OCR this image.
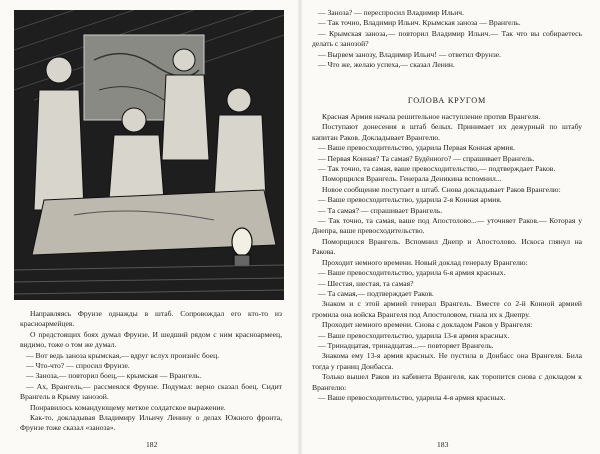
Направляясь Фрунзе однажды в штаб. Сопровождал его кто-то из красноармейцев.

О предстоящих боях думал Фрунзе. И шедший рядом с ним красноармеец, видимо, тоже о том же думал.

— Вот ведь заноза крымская,— вдруг вслух произнёс боец.

— Что-что? — спросил Фрунзе.

— Заноза,— повторил боец,— крымская — Врангель.

— Ах, Врангель,— рассмеялся Фрунзе. Подумал: верно сказал боец. Сидит Врангель в Крыму занозой.

Понравилось командующему меткое солдатское выражение.

Как-то, докладывая Владимиру Ильичу Ленину о делах Южного фронта, Фрунзе тоже сказал «заноза».

182

— Заноза? — переспросил Владимир Ильич.

— Так точно, Владимир Ильич. Крымская заноза — Врангель.

— Крымская заноза,— повторил Владимир Ильич.— Так что вы собираетесь делать с занозой?

— Вырвем занозу, Владимир Ильич! — ответил Фрунзе.

— Что же, желаю успеха,— сказал Ленин.

ГОЛОВА КРУГОМ

Красная Армия начала решительное наступление против Врангеля.

Поступают донесения в штаб белых. Принимает их дежурный по штабу капитан Раков. Докладывает Врангелю.

— Ваше превосходительство, ударила Первая Конная армия.

— Первая Конная? Та самая? Будённого? — спрашивает Врангель.

— Так точно, та самая, ваше превосходительство,— подтверждает Раков.

Поморщился Врангель. Генерала Деникина вспомнил...

Новое сообщение поступает в штаб. Снова докладывает Раков Врангелю:

— Ваше превосходительство, ударила 2-я Конная армия.

— Та самая? — спрашивает Врангель.

— Так точно, та самая, ваше под Апостолово...— уточняет Раков.— Которая у Днепра, ваше превосходительство.

Поморщился Врангель. Вспомнил Днепр и Апостолово. Искоса глянул на Ракова.

Проходит немного времени. Новый доклад генералу Врангелю:

— Ваше превосходительство, ударила 6-я армия красных.

— Шестая, шестая, та самая?

— Та самая,— подтверждает Раков.

Знаком и с этой армией генерал Врангель. Вместе со 2-й Конной армией громила она войска Врангеля под Апостоловом, гнала их к Днепру.

Проходит немного времени. Снова с докладом Раков у Врангеля:

— Ваше превосходительство, ударила 13-я армия красных.

— Тринадцатая, тринадцатая...— повторяет Врангель.

Знакома ему 13-я армия красных. Не пустила в Донбасс она Врангеля. Била тогда у границ Донбасса.

Только вышел Раков из кабинета Врангеля, как торопится снова с докладом к Врангелю:

— Ваше превосходительство, ударила 4-я армия красных.

183
